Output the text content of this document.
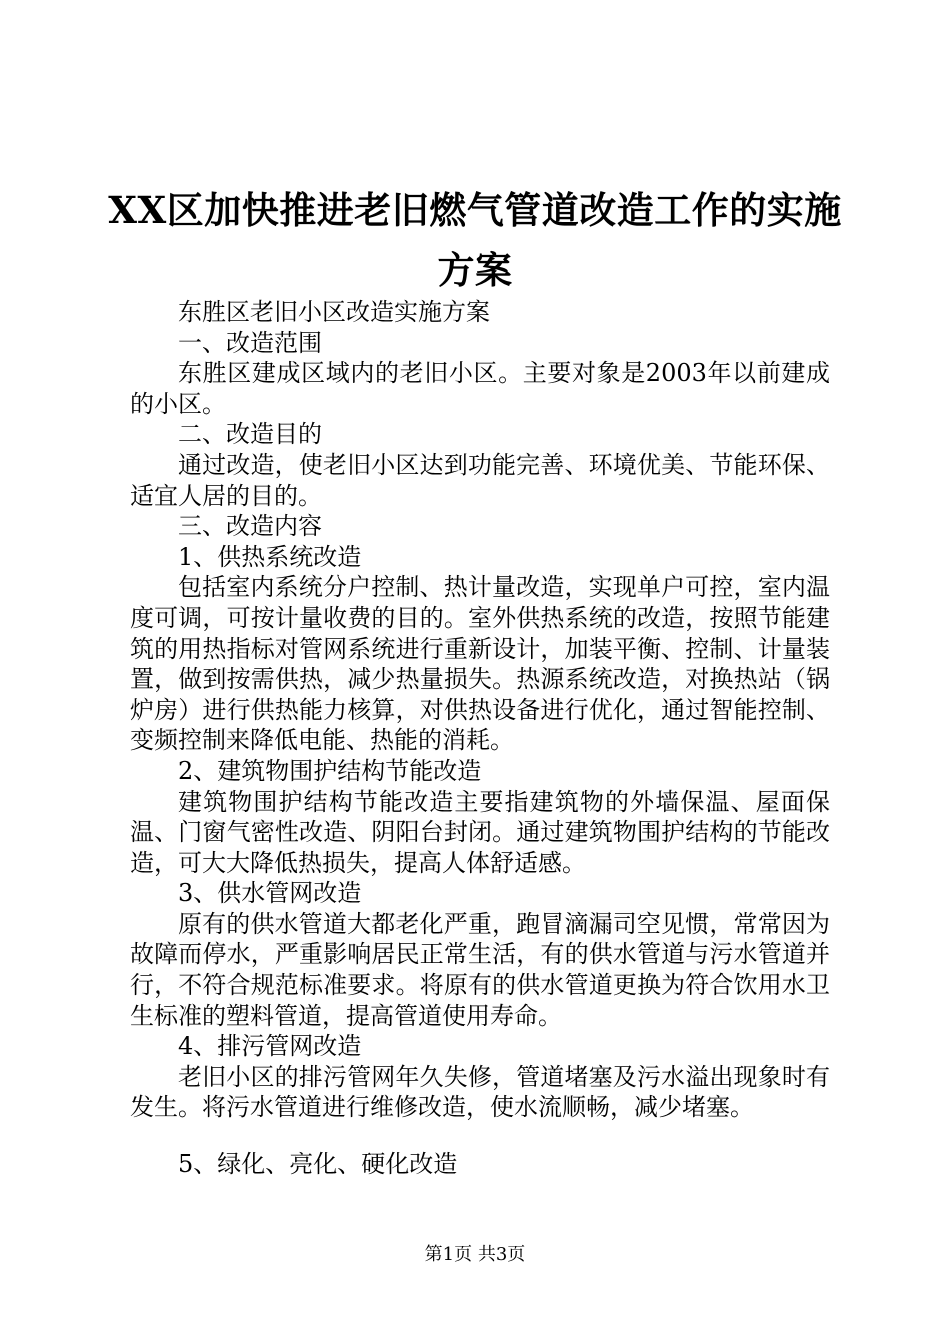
XX区加快推进老旧燃气管道改造工作的实施
方案

东胜区老旧小区改造实施方案

一、改造范围

东胜区建成区域内的老旧小区。主要对象是2003年以前建成的小区。

二、改造目的

通过改造，使老旧小区达到功能完善、环境优美、节能环保、适宜人居的目的。

三、改造内容

1、供热系统改造

包括室内系统分户控制、热计量改造，实现单户可控，室内温度可调，可按计量收费的目的。室外供热系统的改造，按照节能建筑的用热指标对管网系统进行重新设计，加装平衡、控制、计量装置，做到按需供热，减少热量损失。热源系统改造，对换热站（锅炉房）进行供热能力核算，对供热设备进行优化，通过智能控制、变频控制来降低电能、热能的消耗。

2、建筑物围护结构节能改造

建筑物围护结构节能改造主要指建筑物的外墙保温、屋面保温、门窗气密性改造、阴阳台封闭。通过建筑物围护结构的节能改造，可大大降低热损失，提高人体舒适感。

3、供水管网改造

原有的供水管道大都老化严重，跑冒滴漏司空见惯，常常因为故障而停水，严重影响居民正常生活，有的供水管道与污水管道并行，不符合规范标准要求。将原有的供水管道更换为符合饮用水卫生标准的塑料管道，提高管道使用寿命。

4、排污管网改造

老旧小区的排污管网年久失修，管道堵塞及污水溢出现象时有发生。将污水管道进行维修改造，使水流顺畅，减少堵塞。

5、绿化、亮化、硬化改造

第1页 共3页
